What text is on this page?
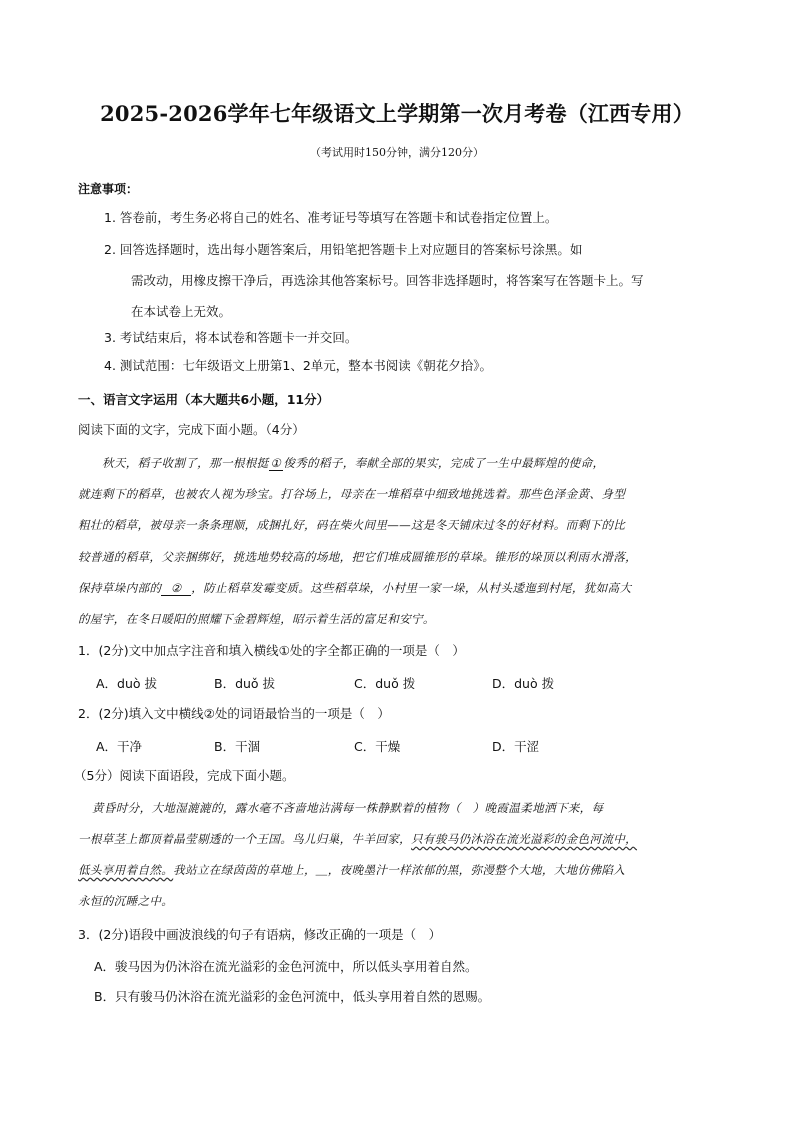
2025-2026学年七年级语文上学期第一次月考卷（江西专用）
（考试用时150分钟，满分120分）
注意事项：
1. 答卷前，考生务必将自己的姓名、准考证号等填写在答题卡和试卷指定位置上。
2. 回答选择题时，选出每小题答案后，用铅笔把答题卡上对应题目的答案标号涂黑。如
需改动，用橡皮擦干净后，再选涂其他答案标号。回答非选择题时，将答案写在答题卡上。写
在本试卷上无效。
3. 考试结束后，将本试卷和答题卡一并交回。
4. 测试范围：七年级语文上册第1、2单元，整本书阅读《朝花夕拾》。
一、语言文字运用（本大题共6小题，11分）
阅读下面的文字，完成下面小题。（4分）
秋天，稻子收割了，那一根根挺 ① 俊秀的稻子，奉献全部的果实，完成了一生中最辉煌的使命，
就连剩下的稻草，也被农人视为珍宝。打谷场上，母亲在一堆稻草中细致地挑选着。那些色泽金黄、身型
粗壮的稻草，被母亲一条条理顺，成捆扎好，码在柴火间里——这是冬天铺床过冬的好材料。而剩下的比
较普通的稻草，父亲捆绑好，挑选地势较高的场地，把它们堆成圆锥形的草垛。锥形的垛顶以利雨水滑落，
保持草垛内部的 ② ，防止稻草发霉变质。这些稻草垛，小村里一家一垛，从村头逶迤到村尾，犹如高大
的屋宇，在冬日暖阳的照耀下金碧辉煌，昭示着生活的富足和安宁。
1．(2分)文中加点字注音和填入横线①处的字全都正确的一项是（　）
A．duò 拔	B．duǒ 拔	C．duǒ 拨	D．duò 拨
2．(2分)填入文中横线②处的词语最恰当的一项是（　）
A．干净	B．干涸	C．干燥	D．干涩
（5分）阅读下面语段，完成下面小题。
黄昏时分，大地湿漉漉的，露水毫不吝啬地沾满每一株静默着的植物（　）晚霞温柔地洒下来，每
一根草茎上都顶着晶莹剔透的一个王国。鸟儿归巢，牛羊回家，只有骏马仍沐浴在流光溢彩的金色河流中，
低头享用着自然。我站立在绿茵茵的草地上，＿，夜晚墨汁一样浓郁的黑，弥漫整个大地，大地仿佛陷入
永恒的沉睡之中。
3．(2分)语段中画波浪线的句子有语病，修改正确的一项是（　）
A．骏马因为仍沐浴在流光溢彩的金色河流中，所以低头享用着自然。
B．只有骏马仍沐浴在流光溢彩的金色河流中，低头享用着自然的恩赐。
